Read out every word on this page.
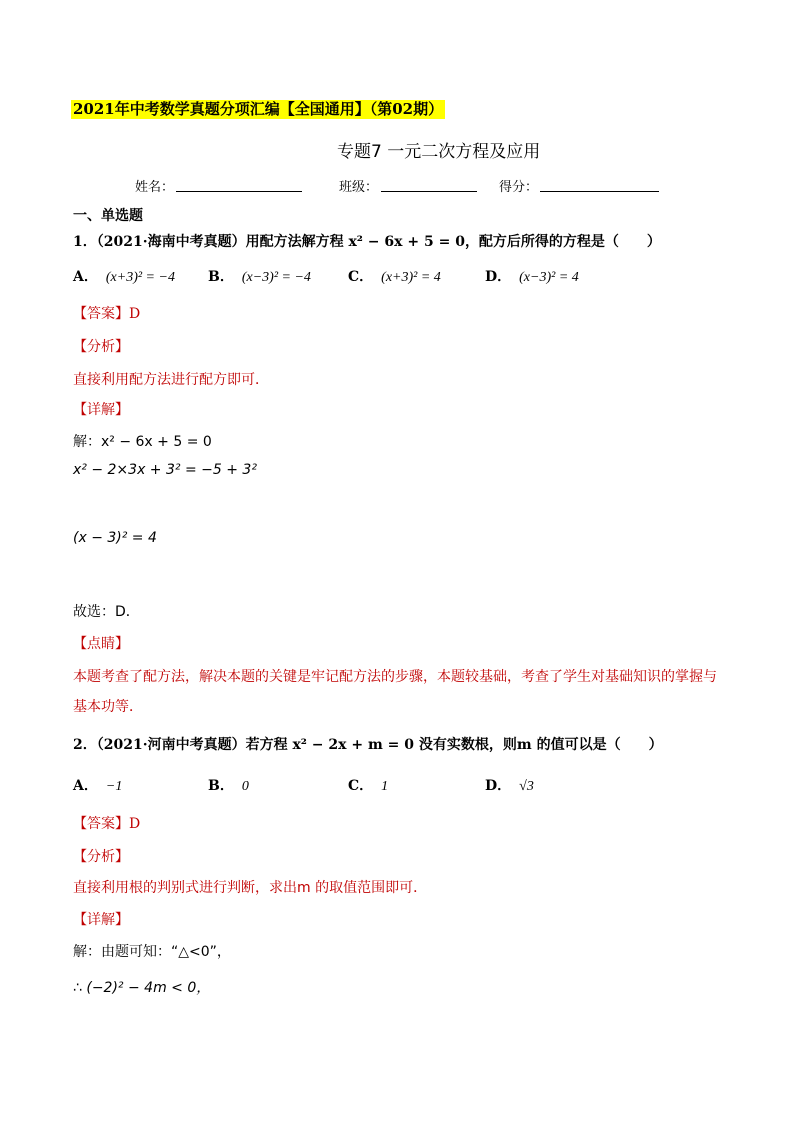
2021年中考数学真题分项汇编【全国通用】（第02期）
专题7 一元二次方程及应用
姓名：	班级：	得分：
一、单选题
1．（2021·海南中考真题）用配方法解方程 x² − 6x + 5 = 0，配方后所得的方程是（　　）
A． (x+3)² = −4 B． (x−3)² = −4	C． (x+3)² = 4	D． (x−3)² = 4
【答案】D
【分析】
直接利用配方法进行配方即可．
【详解】
解：x² − 6x + 5 = 0
x² − 2×3x + 3² = −5 + 3²
(x − 3)² = 4
故选：D．
【点睛】
本题考查了配方法，解决本题的关键是牢记配方法的步骤，本题较基础，考查了学生对基础知识的掌握与
基本功等．
2．（2021·河南中考真题）若方程 x² − 2x + m = 0 没有实数根，则m 的值可以是（　　）
A． −1	B． 0	C． 1	D． √3
【答案】D
【分析】
直接利用根的判别式进行判断，求出m 的取值范围即可．
【详解】
解：由题可知：“△<0”，
∴ (−2)² − 4m < 0，
